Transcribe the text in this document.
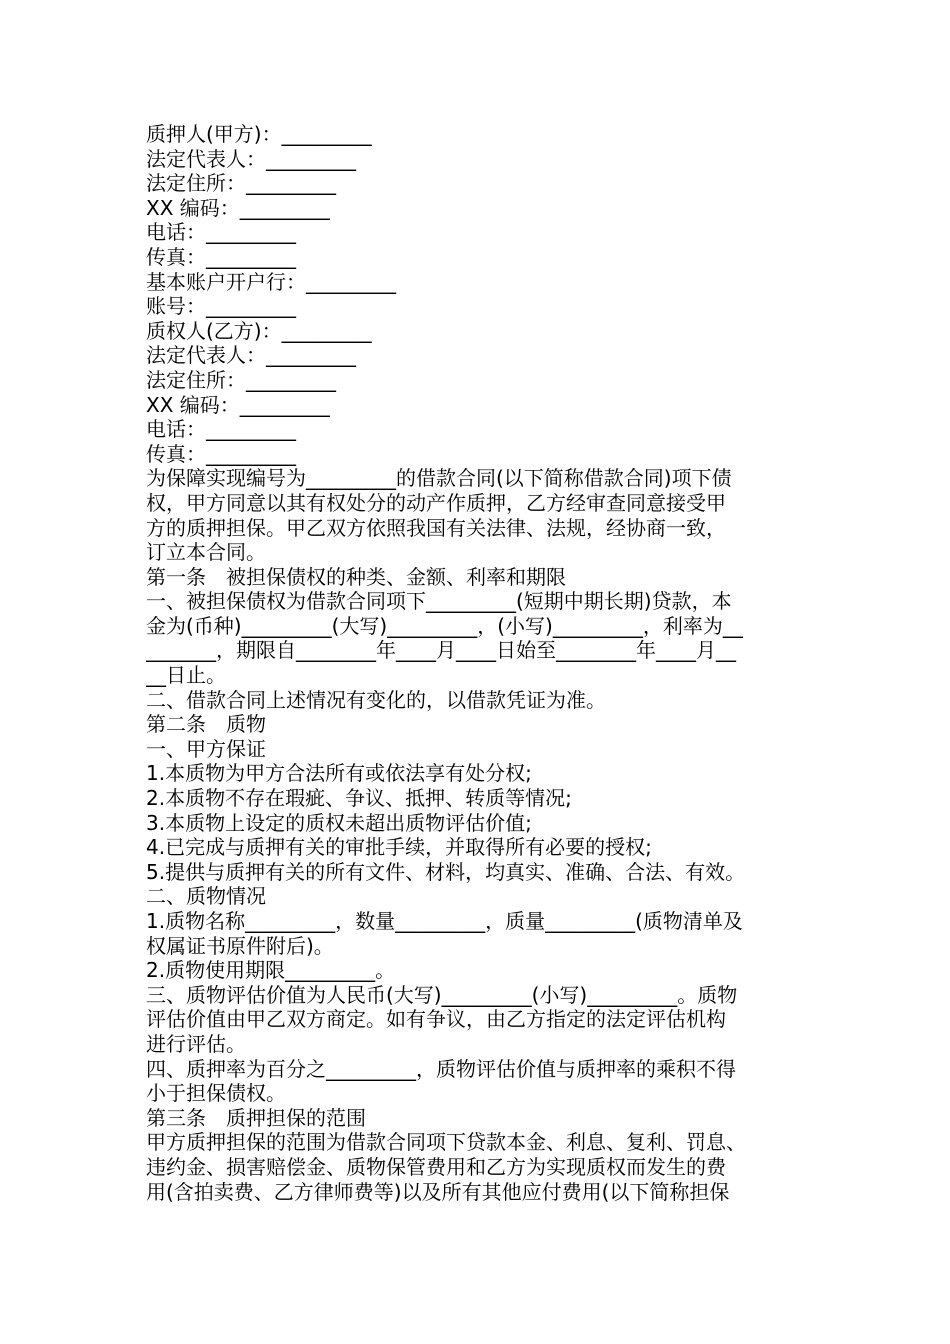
质押人(甲方)：_________
法定代表人：_________
法定住所：_________
XX 编码：_________
电话：_________
传真：_________
基本账户开户行：_________
账号：_________
质权人(乙方)：_________
法定代表人：_________
法定住所：_________
XX 编码：_________
电话：_________
传真：_________
为保障实现编号为_________的借款合同(以下简称借款合同)项下债
权，甲方同意以其有权处分的动产作质押，乙方经审查同意接受甲
方的质押担保。甲乙双方依照我国有关法律、法规，经协商一致，
订立本合同。
第一条　被担保债权的种类、金额、利率和期限
一、被担保债权为借款合同项下_________(短期中期长期)贷款，本
金为(币种)_________(大写)_________，(小写)_________，利率为__
_______，期限自________年____月____日始至________年____月__
__日止。
二、借款合同上述情况有变化的，以借款凭证为准。
第二条　质物
一、甲方保证
1.本质物为甲方合法所有或依法享有处分权;
2.本质物不存在瑕疵、争议、抵押、转质等情况;
3.本质物上设定的质权未超出质物评估价值;
4.已完成与质押有关的审批手续，并取得所有必要的授权;
5.提供与质押有关的所有文件、材料，均真实、准确、合法、有效。
二、质物情况
1.质物名称_________，数量_________，质量_________(质物清单及
权属证书原件附后)。
2.质物使用期限_________。
三、质物评估价值为人民币(大写)_________(小写)_________。质物
评估价值由甲乙双方商定。如有争议，由乙方指定的法定评估机构
进行评估。
四、质押率为百分之_________，质物评估价值与质押率的乘积不得
小于担保债权。
第三条　质押担保的范围
甲方质押担保的范围为借款合同项下贷款本金、利息、复利、罚息、
违约金、损害赔偿金、质物保管费用和乙方为实现质权而发生的费
用(含拍卖费、乙方律师费等)以及所有其他应付费用(以下简称担保
